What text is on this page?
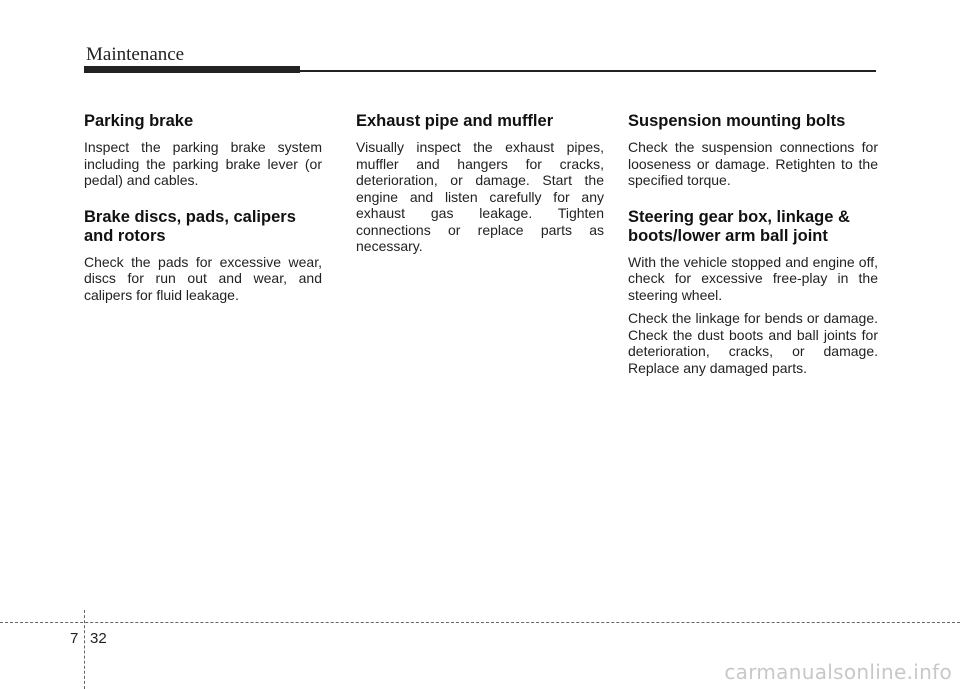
Maintenance
Parking brake

Inspect the parking brake system including the parking brake lever (or pedal) and cables.

Brake discs, pads, calipers and rotors

Check the pads for excessive wear, discs for run out and wear, and calipers for fluid leakage.

Exhaust pipe and muffler

Visually inspect the exhaust pipes, muffler and hangers for cracks, deterioration, or damage. Start the engine and listen carefully for any exhaust gas leakage. Tighten connections or replace parts as necessary.

Suspension mounting bolts

Check the suspension connections for looseness or damage. Retighten to the specified torque.

Steering gear box, linkage & boots/lower arm ball joint

With the vehicle stopped and engine off, check for excessive free-play in the steering wheel.

Check the linkage for bends or damage. Check the dust boots and ball joints for deterioration, cracks, or damage. Replace any damaged parts.

7 32
carmanualsonline.info
